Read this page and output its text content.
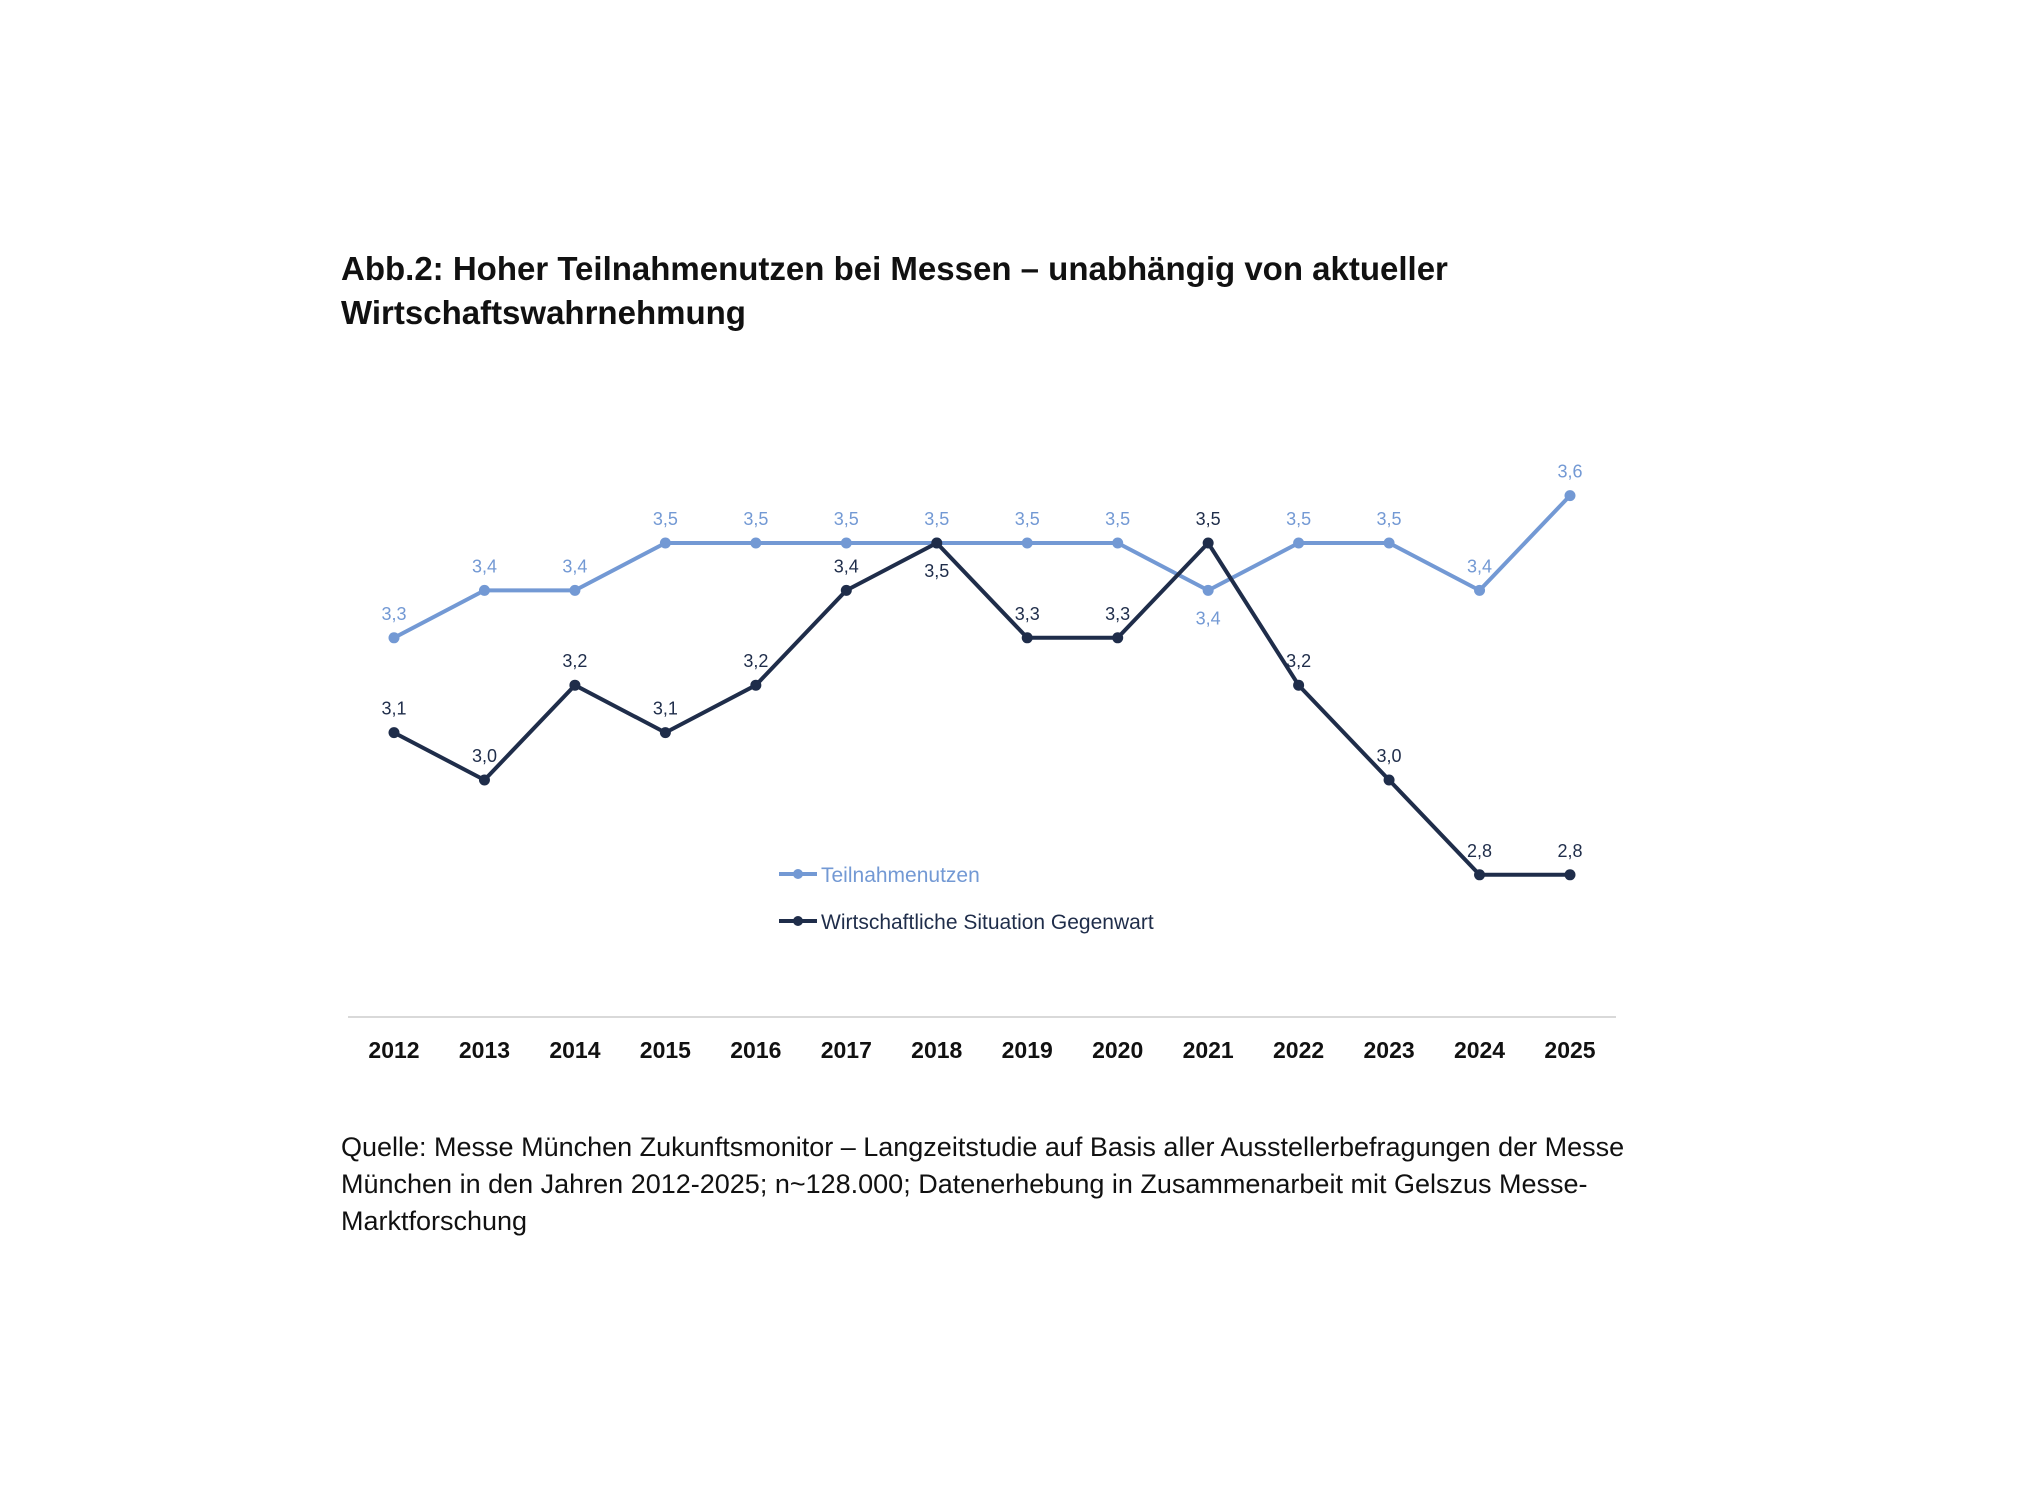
Abb.2: Hoher Teilnahmenutzen bei Messen – unabhängig von aktueller Wirtschaftswahrnehmung
3,3
3,4	3,4
3,5	3,5	3,5	3,5	3,5	3,5
3,4
3,5	3,5
3,4
3,6
3,1
3,0
3,2
3,1
3,2
3,4	3,5
3,3	3,3
3,5
3,2
3,0
2,8	2,8
2012 2013 2014 2015 2016 2017 2018 2019 2020 2021 2022 2023 2024 2025
Teilnahmenutzen
Wirtschaftliche Situation Gegenwart
Quelle: Messe München Zukunftsmonitor – Langzeitstudie auf Basis aller Ausstellerbefragungen der Messe München in den Jahren 2012-2025; n~128.000; Datenerhebung in Zusammenarbeit mit Gelszus Messe-Marktforschung
